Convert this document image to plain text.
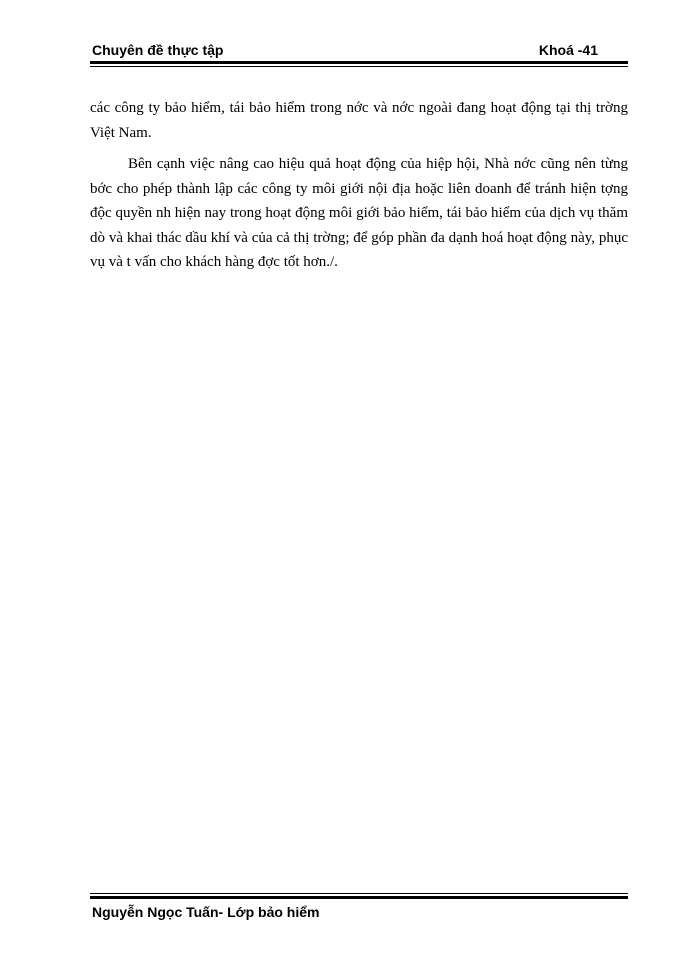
Chuyên đề thực tập	Khoá -41

các công ty bảo hiểm, tái bảo hiểm trong nớc và nớc ngoài đang hoạt động tại thị trờng Việt Nam.

Bên cạnh việc nâng cao hiệu quả hoạt động của hiệp hội, Nhà nớc cũng nên từng bớc cho phép thành lập các công ty môi giới nội địa hoặc liên doanh để tránh hiện tợng độc quyền nh hiện nay trong hoạt động môi giới bảo hiểm, tái bảo hiểm của dịch vụ thăm dò và khai thác dầu khí và của cả thị trờng; để góp phần đa dạnh hoá hoạt động này, phục vụ và t vấn cho khách hàng đợc tốt hơn./.

Nguyễn Ngọc Tuấn- Lớp bảo hiểm
